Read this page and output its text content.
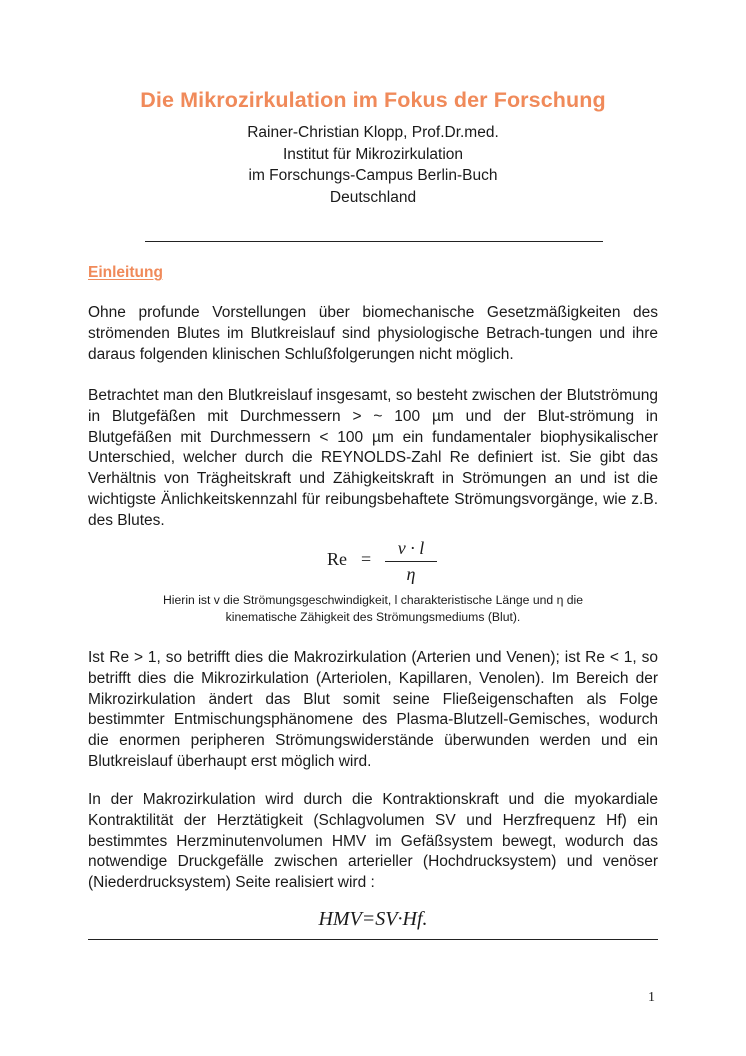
Die Mikrozirkulation im Fokus der Forschung
Rainer-Christian Klopp, Prof.Dr.med.
Institut für Mikrozirkulation
im Forschungs-Campus Berlin-Buch
Deutschland
Einleitung

Ohne profunde Vorstellungen über biomechanische Gesetzmäßigkeiten des strömenden Blutes im Blutkreislauf sind physiologische Betrach-tungen und ihre daraus folgenden klinischen Schlußfolgerungen nicht möglich.

Betrachtet man den Blutkreislauf insgesamt, so besteht zwischen der Blutströmung in Blutgefäßen mit Durchmessern > ~ 100 µm und der Blut-strömung in Blutgefäßen mit Durchmessern < 100 µm ein fundamentaler biophysikalischer Unterschied, welcher durch die REYNOLDS-Zahl Re definiert ist. Sie gibt das Verhältnis von Trägheitskraft und Zähigkeitskraft in Strömungen an und ist die wichtigste Änlichkeitskennzahl für reibungsbehaftete Strömungsvorgänge, wie z.B. des Blutes.

Re =
v · l
η
Hierin ist v die Strömungsgeschwindigkeit, l charakteristische Länge und η die
kinematische Zähigkeit des Strömungsmediums (Blut).

Ist Re > 1, so betrifft dies die Makrozirkulation (Arterien und Venen); ist Re < 1, so betrifft dies die Mikrozirkulation (Arteriolen, Kapillaren, Venolen). Im Bereich der Mikrozirkulation ändert das Blut somit seine Fließeigenschaften als Folge bestimmter Entmischungsphänomene des Plasma-Blutzell-Gemisches, wodurch die enormen peripheren Strömungswiderstände überwunden werden und ein Blutkreislauf überhaupt erst möglich wird.

In der Makrozirkulation wird durch die Kontraktionskraft und die myokardiale Kontraktilität der Herztätigkeit (Schlagvolumen SV und Herzfrequenz Hf) ein bestimmtes Herzminutenvolumen HMV im Gefäßsystem bewegt, wodurch das notwendige Druckgefälle zwischen arterieller (Hochdrucksystem) und venöser (Niederdrucksystem) Seite realisiert wird :

HMV=SV·Hf.
1
